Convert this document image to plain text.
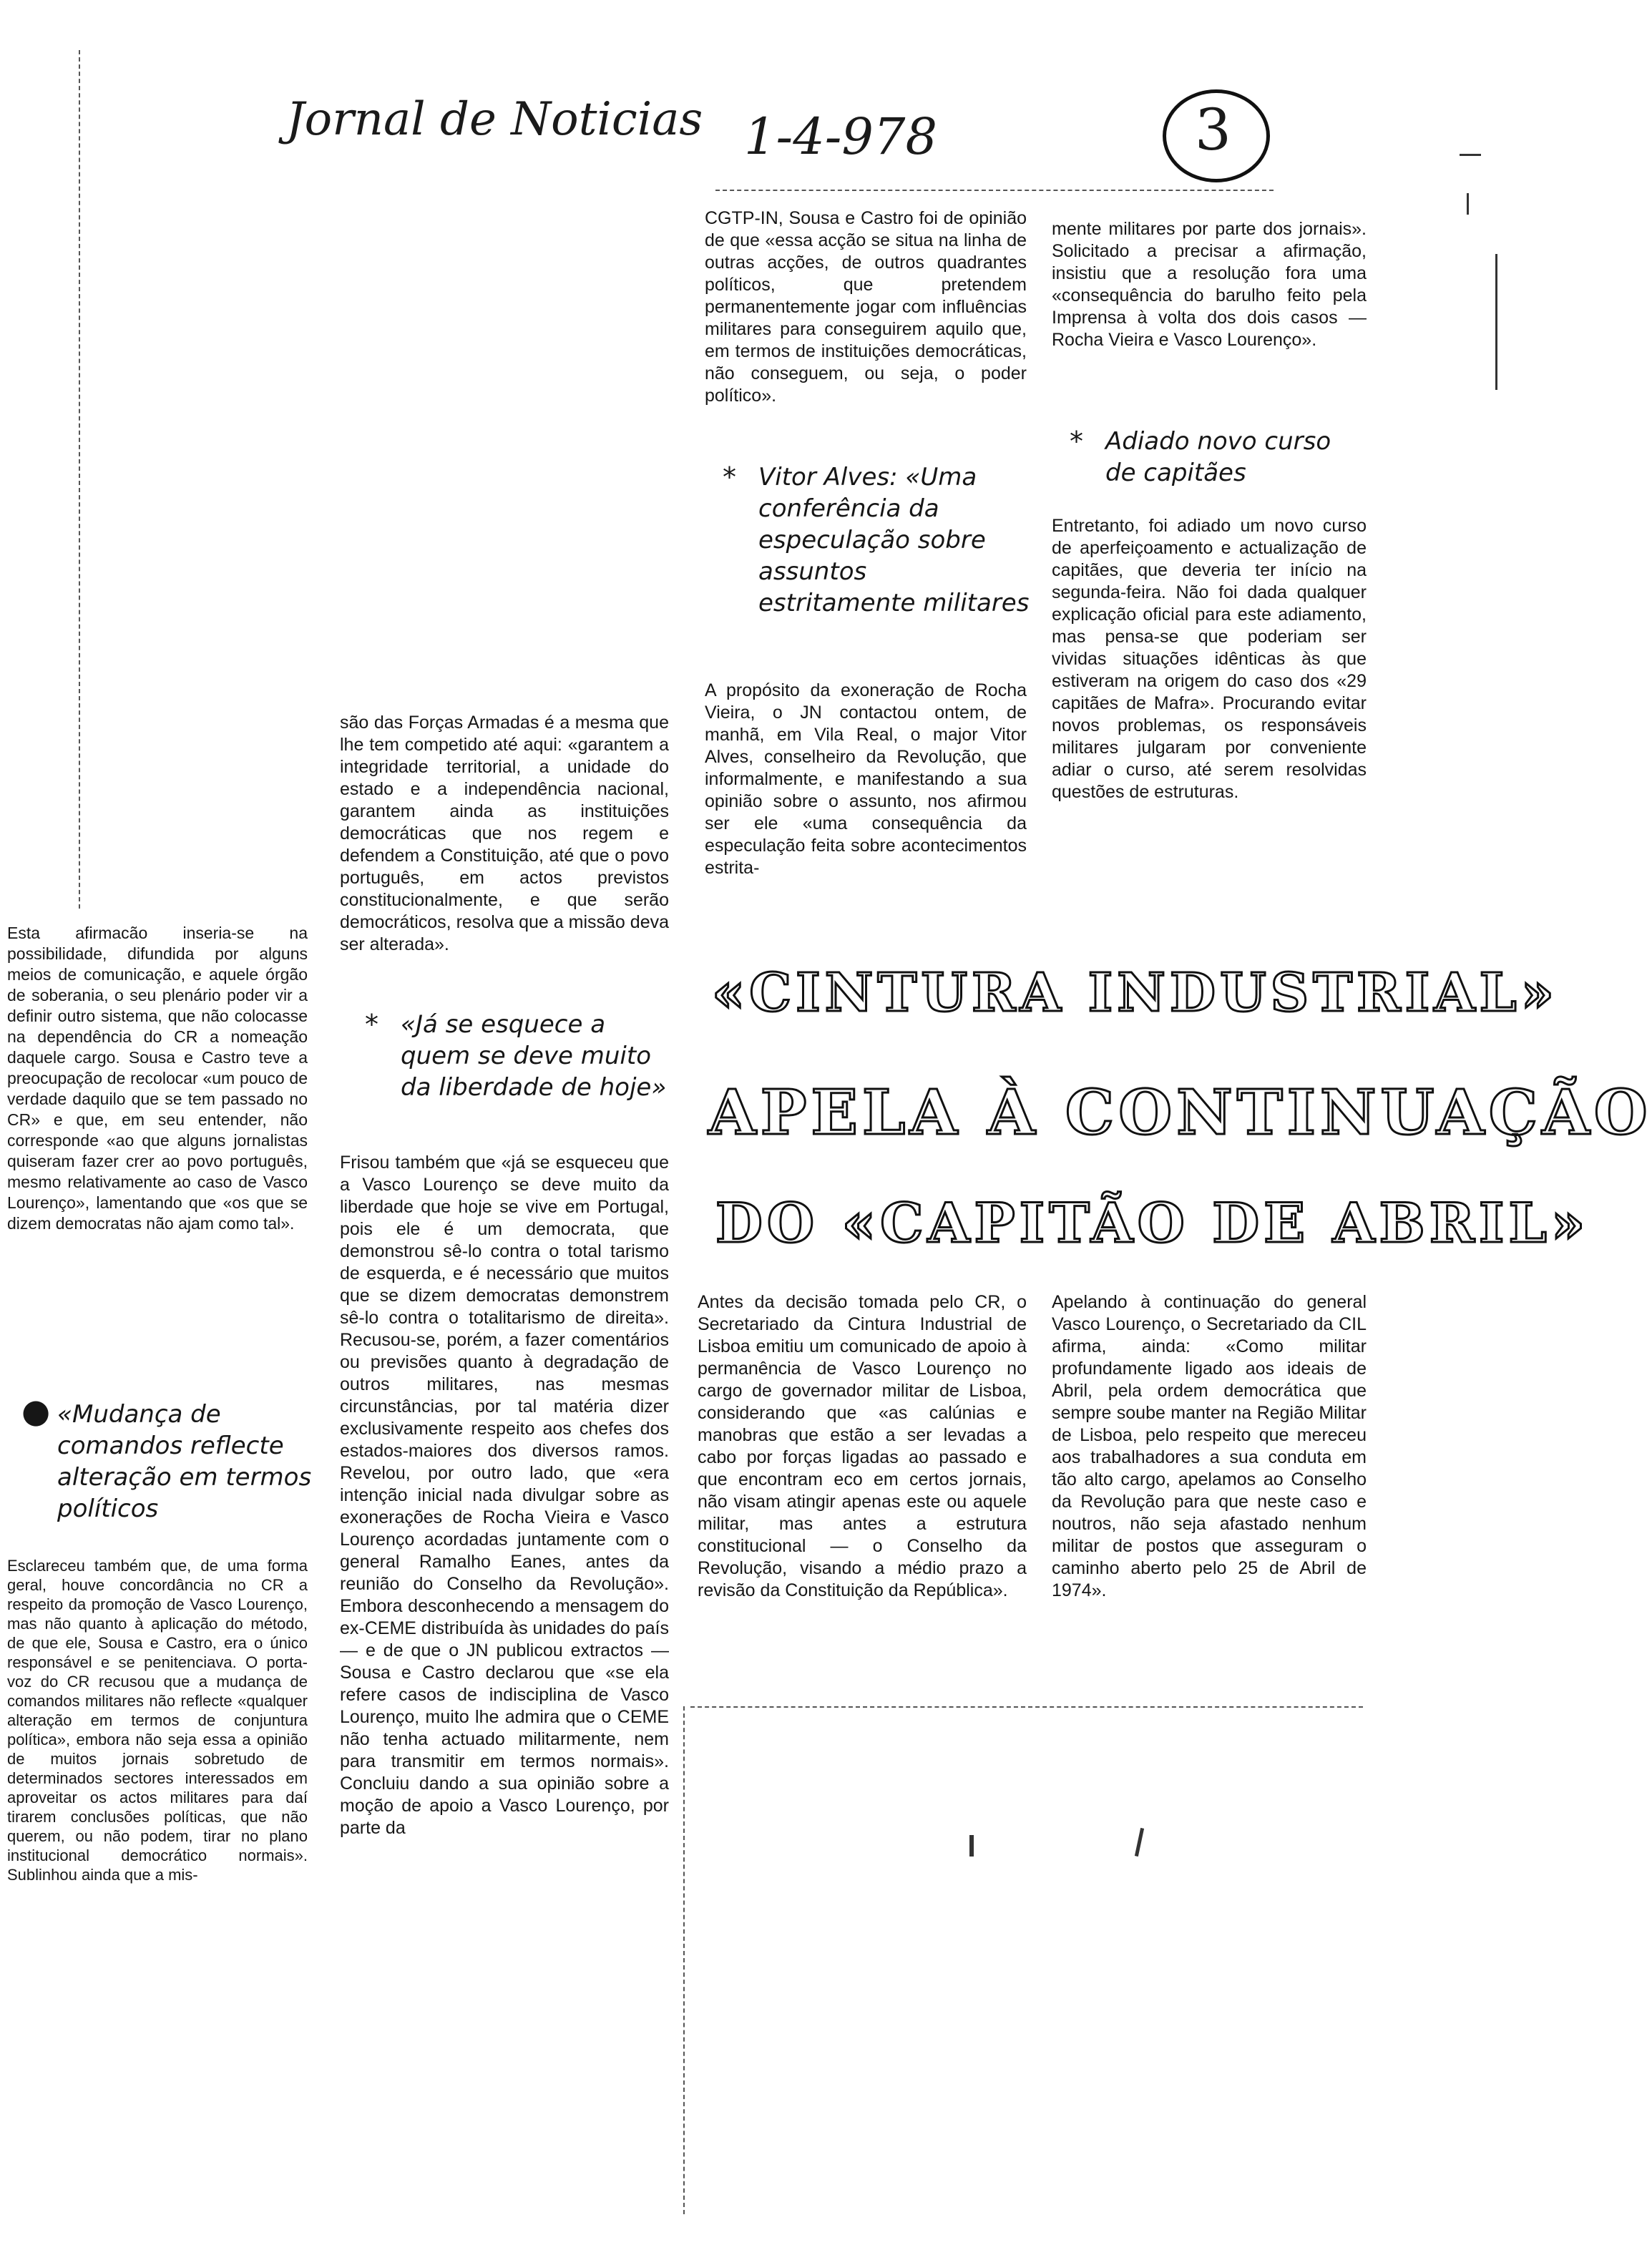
Jornal de Noticias 1-4-978	3
Esta afirmacão inseria-se na possibilidade, difundida por alguns meios de comunicação, e aquele órgão de soberania, o seu plenário poder vir a definir outro sistema, que não colocasse na dependência do CR a nomeação daquele cargo. Sousa e Castro teve a preocupação de recolocar «um pouco de verdade daquilo que se tem passado no CR» e que, em seu entender, não corresponde «ao que alguns jornalistas quiseram fazer crer ao povo português, mesmo relativamente ao caso de Vasco Lourenço», lamentando que «os que se dizem democratas não ajam como tal».
● «Mudança de comandos reflecte alteração em termos políticos
Esclareceu também que, de uma forma geral, houve concordância no CR a respeito da promoção de Vasco Lourenço, mas não quanto à aplicação do método, de que ele, Sousa e Castro, era o único responsável e se penitenciava. O porta-voz do CR recusou que a mudança de comandos militares não reflecte «qualquer alteração em termos de conjuntura política», embora não seja essa a opinião de muitos jornais sobretudo de determinados sectores interessados em aproveitar os actos militares para daí tirarem conclusões políticas, que não querem, ou não podem, tirar no plano institucional democrático normais». Sublinhou ainda que a mis-
são das Forças Armadas é a mesma que lhe tem competido até aqui: «garantem a integridade territorial, a unidade do estado e a independência nacional, garantem ainda as instituições democráticas que nos regem e defendem a Constituição, até que o povo português, em actos previstos constitucionalmente, e que serão democráticos, resolva que a missão deva ser alterada».
* «Já se esquece a quem se deve muito da liberdade de hoje»
Frisou também que «já se esqueceu que a Vasco Lourenço se deve muito da liberdade que hoje se vive em Portugal, pois ele é um democrata, que demonstrou sê-lo contra o total tarismo de esquerda, e é necessário que muitos que se dizem democratas demonstrem sê-lo contra o totalitarismo de direita». Recusou-se, porém, a fazer comentários ou previsões quanto à degradação de outros militares, nas mesmas circunstâncias, por tal matéria dizer exclusivamente respeito aos chefes dos estados-maiores dos diversos ramos. Revelou, por outro lado, que «era intenção inicial nada divulgar sobre as exonerações de Rocha Vieira e Vasco Lourenço acordadas juntamente com o general Ramalho Eanes, antes da reunião do Conselho da Revolução». Embora desconhecendo a mensagem do ex-CEME distribuída às unidades do país — e de que o JN publicou extractos — Sousa e Castro declarou que «se ela refere casos de indisciplina de Vasco Lourenço, muito lhe admira que o CEME não tenha actuado militarmente, nem para transmitir em termos normais». Concluiu dando a sua opinião sobre a moção de apoio a Vasco Lourenço, por parte da
CGTP-IN, Sousa e Castro foi de opinião de que «essa acção se situa na linha de outras acções, de outros quadrantes políticos, que pretendem permanentemente jogar com influências militares para conseguirem aquilo que, em termos de instituições democráticas, não conseguem, ou seja, o poder político».
* Vitor Alves: «Uma conferência da especulação sobre assuntos estritamente militares
A propósito da exoneração de Rocha Vieira, o JN contactou ontem, de manhã, em Vila Real, o major Vitor Alves, conselheiro da Revolução, que informalmente, e manifestando a sua opinião sobre o assunto, nos afirmou ser ele «uma consequência da especulação feita sobre acontecimentos estrita-
mente militares por parte dos jornais». Solicitado a precisar a afirmação, insistiu que a resolução fora uma «consequência do barulho feito pela Imprensa à volta dos dois casos — Rocha Vieira e Vasco Lourenço».
* Adiado novo curso de capitães
Entretanto, foi adiado um novo curso de aperfeiçoamento e actualização de capitães, que deveria ter início na segunda-feira. Não foi dada qualquer explicação oficial para este adiamento, mas pensa-se que poderiam ser vividas situações idênticas às que estiveram na origem do caso dos «29 capitães de Mafra». Procurando evitar novos problemas, os responsáveis militares julgaram por conveniente adiar o curso, até serem resolvidas questões de estruturas.
«CINTURA INDUSTRIAL»
APELA À CONTINUAÇÃO
DO «CAPITÃO DE ABRIL»
Antes da decisão tomada pelo CR, o Secretariado da Cintura Industrial de Lisboa emitiu um comunicado de apoio à permanência de Vasco Lourenço no cargo de governador militar de Lisboa, considerando que «as calúnias e manobras que estão a ser levadas a cabo por forças ligadas ao passado e que encontram eco em certos jornais, não visam atingir apenas este ou aquele militar, mas antes a estrutura constitucional — o Conselho da Revolução, visando a médio prazo a revisão da Constituição da República».
Apelando à continuação do general Vasco Lourenço, o Secretariado da CIL afirma, ainda: «Como militar profundamente ligado aos ideais de Abril, pela ordem democrática que sempre soube manter na Região Militar de Lisboa, pelo respeito que mereceu aos trabalhadores a sua conduta em tão alto cargo, apelamos ao Conselho da Revolução para que neste caso e noutros, não seja afastado nenhum militar de postos que asseguram o caminho aberto pelo 25 de Abril de 1974».
